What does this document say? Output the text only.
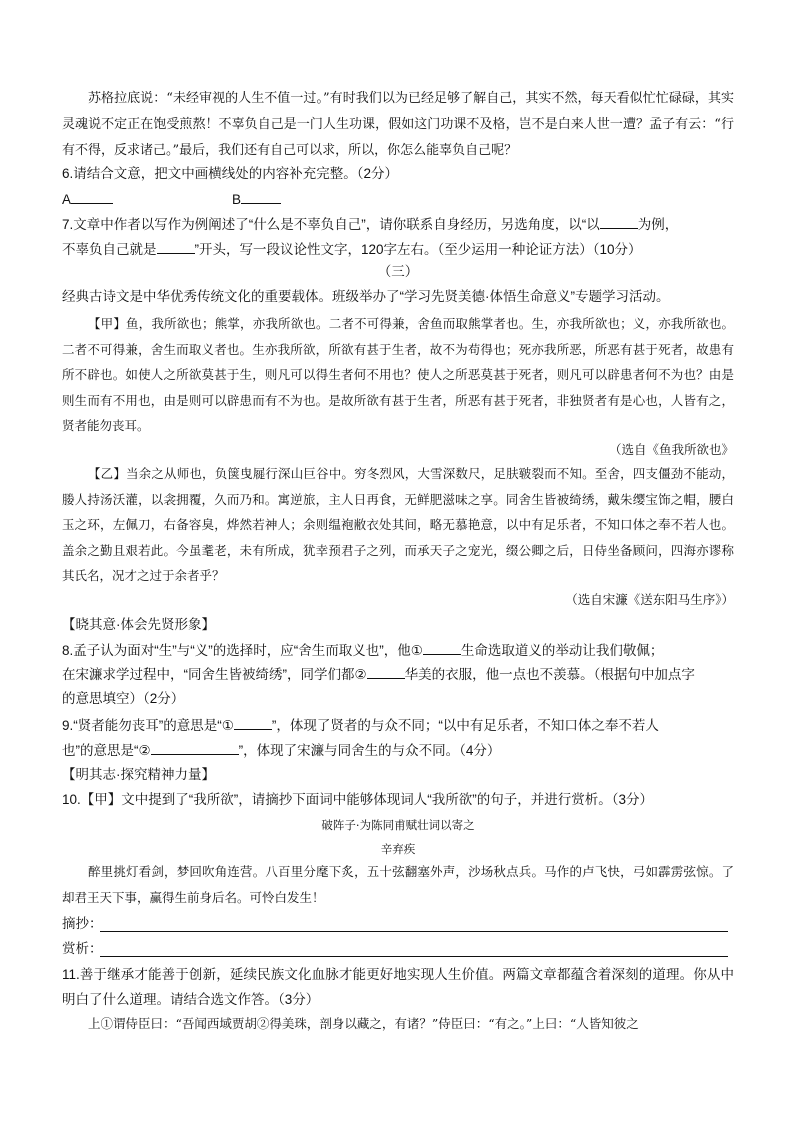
苏格拉底说：“未经审视的人生不值一过。”有时我们以为已经足够了解自己，其实不然，每天看似忙忙碌碌，其实灵魂说不定正在饱受煎熬！不辜负自己是一门人生功课，假如这门功课不及格，岂不是白来人世一遭？孟子有云：“行有不得，反求诸己。”最后，我们还有自己可以求，所以，你怎么能辜负自己呢？
6.请结合文意，把文中画横线处的内容补充完整。（2分）
A	B
7.文章中作者以写作为例阐述了“什么是不辜负自己”，请你联系自身经历，另选角度，以“以	为例，
不辜负自己就是	”开头，写一段议论性文字，120字左右。（至少运用一种论证方法）（10分）
（三）
经典古诗文是中华优秀传统文化的重要载体。班级举办了“学习先贤美德·体悟生命意义”专题学习活动。
【甲】鱼，我所欲也；熊掌，亦我所欲也。二者不可得兼，舍鱼而取熊掌者也。生，亦我所欲也；义，亦我所欲也。二者不可得兼，舍生而取义者也。生亦我所欲，所欲有甚于生者，故不为苟得也；死亦我所恶，所恶有甚于死者，故患有所不辟也。如使人之所欲莫甚于生，则凡可以得生者何不用也？使人之所恶莫甚于死者，则凡可以辟患者何不为也？由是则生而有不用也，由是则可以辟患而有不为也。是故所欲有甚于生者，所恶有甚于死者，非独贤者有是心也，人皆有之，贤者能勿丧耳。
（选自《鱼我所欲也》
【乙】当余之从师也，负箧曳屣行深山巨谷中。穷冬烈风，大雪深数尺，足肤皲裂而不知。至舍，四支僵劲不能动，媵人持汤沃灌，以衾拥覆，久而乃和。寓逆旅，主人日再食，无鲜肥滋味之享。同舍生皆被绮绣，戴朱缨宝饰之帽，腰白玉之环，左佩刀，右备容臭，烨然若神人；余则缊袍敝衣处其间，略无慕艳意，以中有足乐者，不知口体之奉不若人也。盖余之勤且艰若此。今虽耄老，未有所成，犹幸预君子之列，而承天子之宠光，缀公卿之后，日侍坐备顾问，四海亦谬称其氏名，况才之过于余者乎？
（选自宋濂《送东阳马生序》）
【晓其意·体会先贤形象】
8.孟子认为面对“生”与“义”的选择时，应“舍生而取义也”，他①	生命选取道义的举动让我们敬佩；
在宋濂求学过程中，“同舍生皆被绮绣”，同学们都②	华美的衣服，他一点也不羡慕。（根据句中加点字
的意思填空）（2分）
9.“贤者能勿丧耳”的意思是“①	”，体现了贤者的与众不同；“以中有足乐者，不知口体之奉不若人
也”的意思是“②	”，体现了宋濂与同舍生的与众不同。（4分）
【明其志·探究精神力量】
10.【甲】文中提到了“我所欲”，请摘抄下面词中能够体现词人“我所欲”的句子，并进行赏析。（3分）
破阵子·为陈同甫赋壮词以寄之
辛弃疾
醉里挑灯看剑，梦回吹角连营。八百里分麾下炙，五十弦翻塞外声，沙场秋点兵。马作的卢飞快，弓如霹雳弦惊。了却君王天下事，赢得生前身后名。可怜白发生！
摘抄：
赏析：
11.善于继承才能善于创新，延续民族文化血脉才能更好地实现人生价值。两篇文章都蕴含着深刻的道理。你从中明白了什么道理。请结合选文作答。（3分）
上①谓侍臣曰：“吾闻西域贾胡②得美珠，剖身以藏之，有诸？”侍臣曰：“有之。”上曰：“人皆知彼之
